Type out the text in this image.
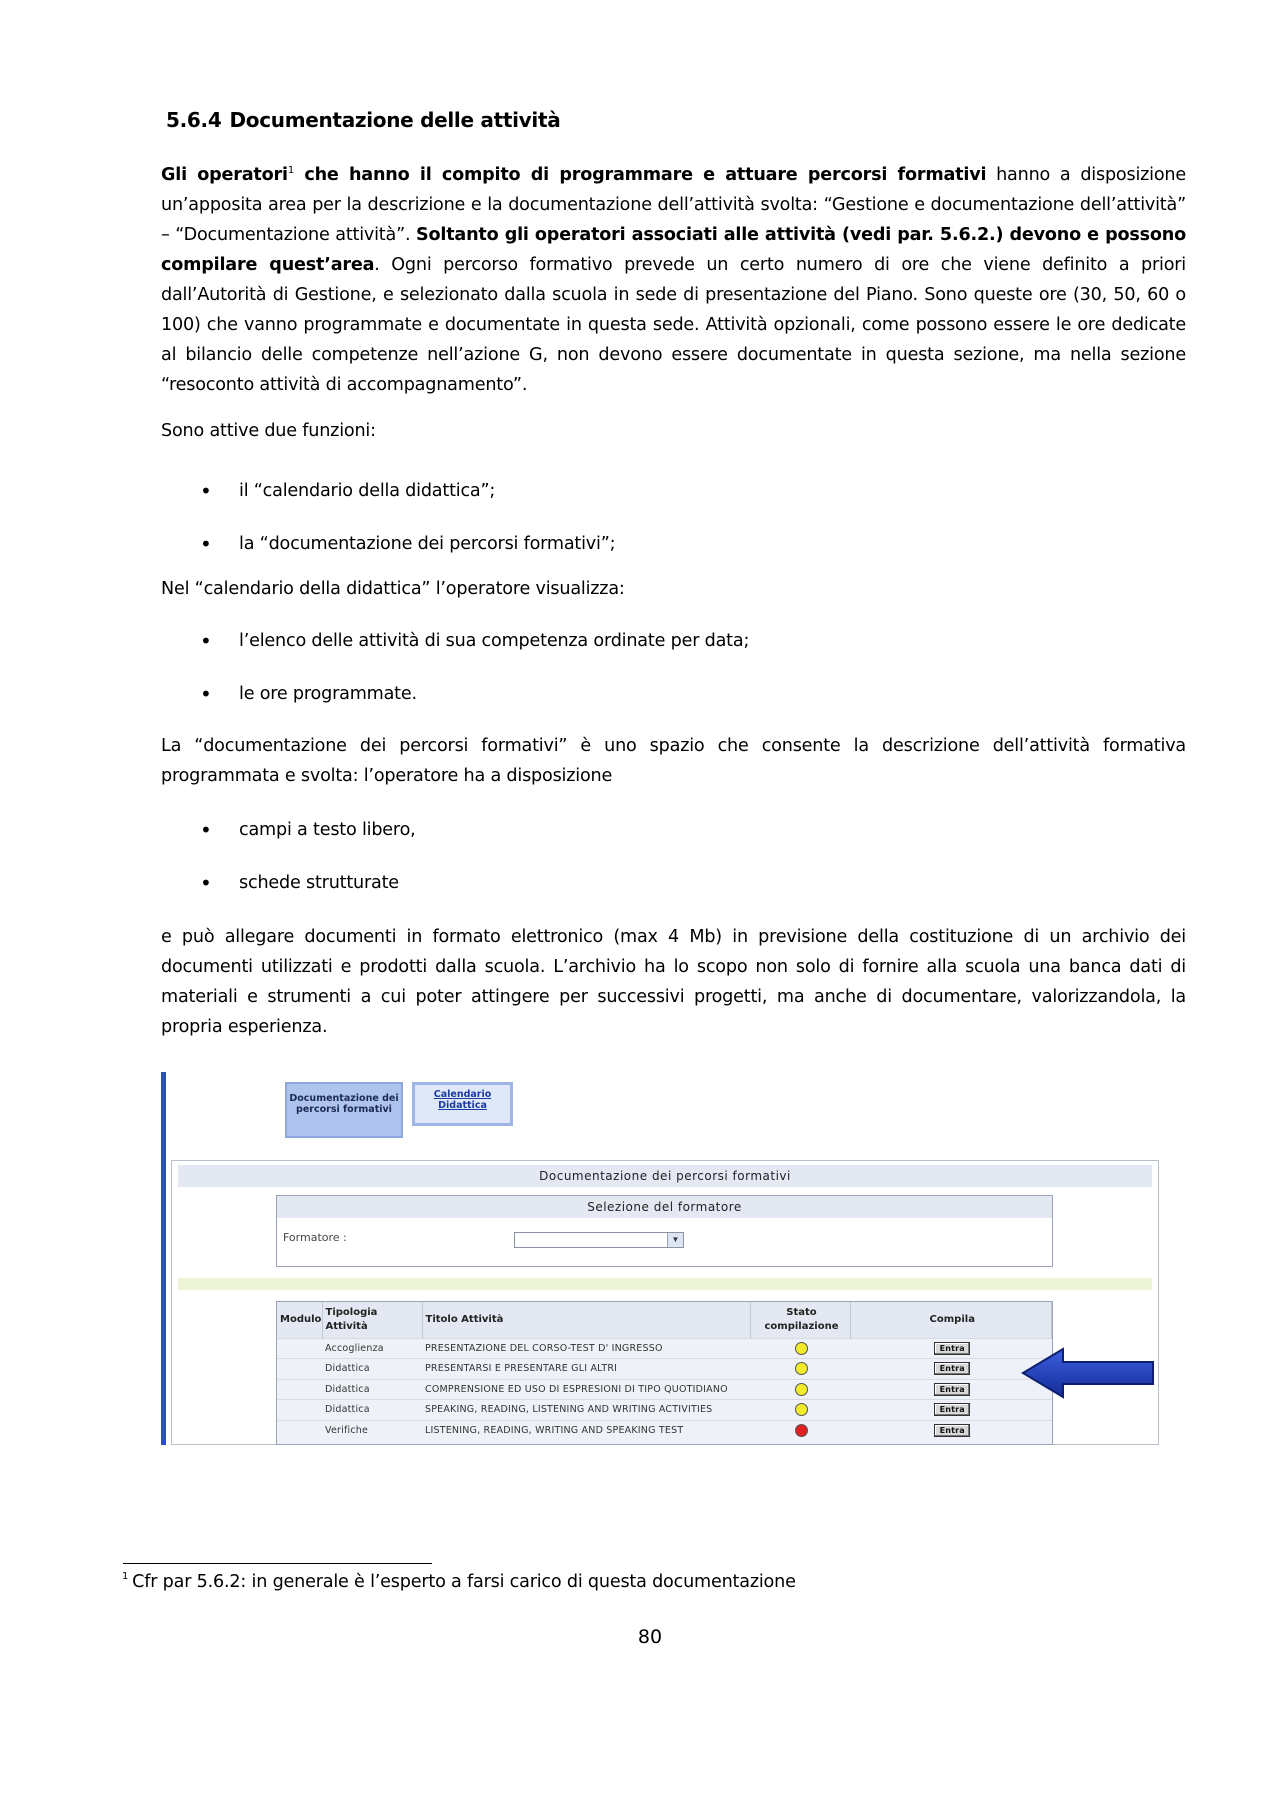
5.6.4 Documentazione delle attività

Gli operatori$^1$ che hanno il compito di programmare e attuare percorsi formativi hanno a disposizione un’apposita area per la descrizione e la documentazione dell’attività svolta: “Gestione e documentazione dell’attività” – “Documentazione attività”. Soltanto gli operatori associati alle attività (vedi par. 5.6.2.) devono e possono compilare quest’area. Ogni percorso formativo prevede un certo numero di ore che viene definito a priori dall’Autorità di Gestione, e selezionato dalla scuola in sede di presentazione del Piano. Sono queste ore (30, 50, 60 o 100) che vanno programmate e documentate in questa sede. Attività opzionali, come possono essere le ore dedicate al bilancio delle competenze nell’azione G, non devono essere documentate in questa sezione, ma nella sezione “resoconto attività di accompagnamento”.

Sono attive due funzioni:

• il “calendario della didattica”;
• la “documentazione dei percorsi formativi”;

Nel “calendario della didattica” l’operatore visualizza:

• l’elenco delle attività di sua competenza ordinate per data;
• le ore programmate.

La “documentazione dei percorsi formativi” è uno spazio che consente la descrizione dell’attività formativa programmata e svolta: l’operatore ha a disposizione

• campi a testo libero,
• schede strutturate

e può allegare documenti in formato elettronico (max 4 Mb) in previsione della costituzione di un archivio dei documenti utilizzati e prodotti dalla scuola. L’archivio ha lo scopo non solo di fornire alla scuola una banca dati di materiali e strumenti a cui poter attingere per successivi progetti, ma anche di documentare, valorizzandola, la propria esperienza.

Documentazione dei percorsi formativi
Calendario Didattica
Documentazione dei percorsi formativi
Selezione del formatore
Formatore :	▼
Modulo	Tipologia Attività	Titolo Attività	Stato compilazione	Compila
	Accoglienza	PRESENTAZIONE DEL CORSO-TEST D' INGRESSO		Entra
	Didattica	PRESENTARSI E PRESENTARE GLI ALTRI		Entra
	Didattica	COMPRENSIONE ED USO DI ESPRESIONI DI TIPO QUOTIDIANO		Entra
	Didattica	SPEAKING, READING, LISTENING AND WRITING ACTIVITIES		Entra
	Verifiche	LISTENING, READING, WRITING AND SPEAKING TEST		Entra
$^1$ Cfr par 5.6.2: in generale è l’esperto a farsi carico di questa documentazione
80
